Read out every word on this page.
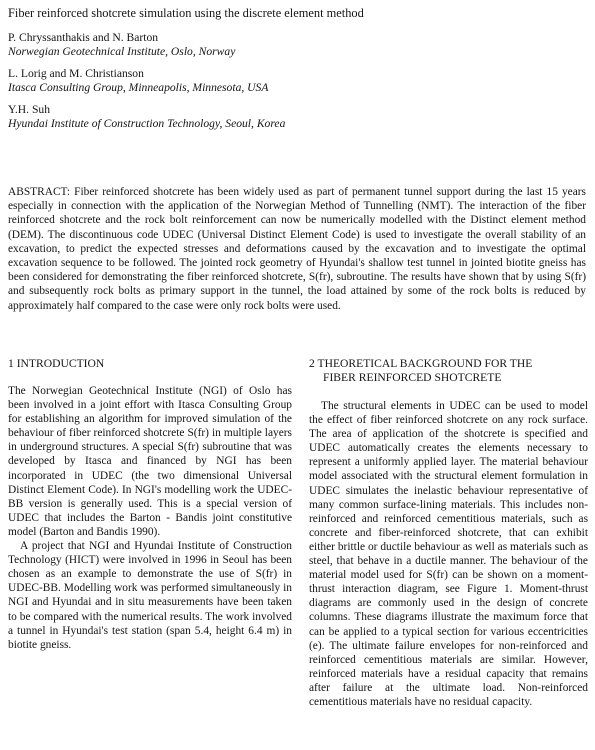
Fiber reinforced shotcrete simulation using the discrete element method
P. Chryssanthakis and N. Barton
Norwegian Geotechnical Institute, Oslo, Norway
L. Lorig and M. Christianson
Itasca Consulting Group, Minneapolis, Minnesota, USA
Y.H. Suh
Hyundai Institute of Construction Technology, Seoul, Korea
ABSTRACT: Fiber reinforced shotcrete has been widely used as part of permanent tunnel support during the last 15 years especially in connection with the application of the Norwegian Method of Tunnelling (NMT). The interaction of the fiber reinforced shotcrete and the rock bolt reinforcement can now be numerically modelled with the Distinct element method (DEM). The discontinuous code UDEC (Universal Distinct Element Code) is used to investigate the overall stability of an excavation, to predict the expected stresses and deformations caused by the excavation and to investigate the optimal excavation sequence to be followed. The jointed rock geometry of Hyundai's shallow test tunnel in jointed biotite gneiss has been considered for demonstrating the fiber reinforced shotcrete, S(fr), subroutine. The results have shown that by using S(fr) and subsequently rock bolts as primary support in the tunnel, the load attained by some of the rock bolts is reduced by approximately half compared to the case were only rock bolts were used.
1 INTRODUCTION

The Norwegian Geotechnical Institute (NGI) of Oslo has been involved in a joint effort with Itasca Consulting Group for establishing an algorithm for improved simulation of the behaviour of fiber reinforced shotcrete S(fr) in multiple layers in underground structures. A special S(fr) subroutine that was developed by Itasca and financed by NGI has been incorporated in UDEC (the two dimensional Universal Distinct Element Code). In NGI's modelling work the UDEC-BB version is generally used. This is a special version of UDEC that includes the Barton - Bandis joint constitutive model (Barton and Bandis 1990).

A project that NGI and Hyundai Institute of Construction Technology (HICT) were involved in 1996 in Seoul has been chosen as an example to demonstrate the use of S(fr) in UDEC-BB. Modelling work was performed simultaneously in NGI and Hyundai and in situ measurements have been taken to be compared with the numerical results. The work involved a tunnel in Hyundai's test station (span 5.4, height 6.4 m) in biotite gneiss.

2 THEORETICAL BACKGROUND FOR THE
FIBER REINFORCED SHOTCRETE

The structural elements in UDEC can be used to model the effect of fiber reinforced shotcrete on any rock surface. The area of application of the shotcrete is specified and UDEC automatically creates the elements necessary to represent a uniformly applied layer. The material behaviour model associated with the structural element formulation in UDEC simulates the inelastic behaviour representative of many common surface-lining materials. This includes non-reinforced and reinforced cementitious materials, such as concrete and fiber-reinforced shotcrete, that can exhibit either brittle or ductile behaviour as well as materials such as steel, that behave in a ductile manner. The behaviour of the material model used for S(fr) can be shown on a moment-thrust interaction diagram, see Figure 1. Moment-thrust diagrams are commonly used in the design of concrete columns. These diagrams illustrate the maximum force that can be applied to a typical section for various eccentricities (e). The ultimate failure envelopes for non-reinforced and reinforced cementitious materials are similar. However, reinforced materials have a residual capacity that remains after failure at the ultimate load. Non-reinforced cementitious materials have no residual capacity.
